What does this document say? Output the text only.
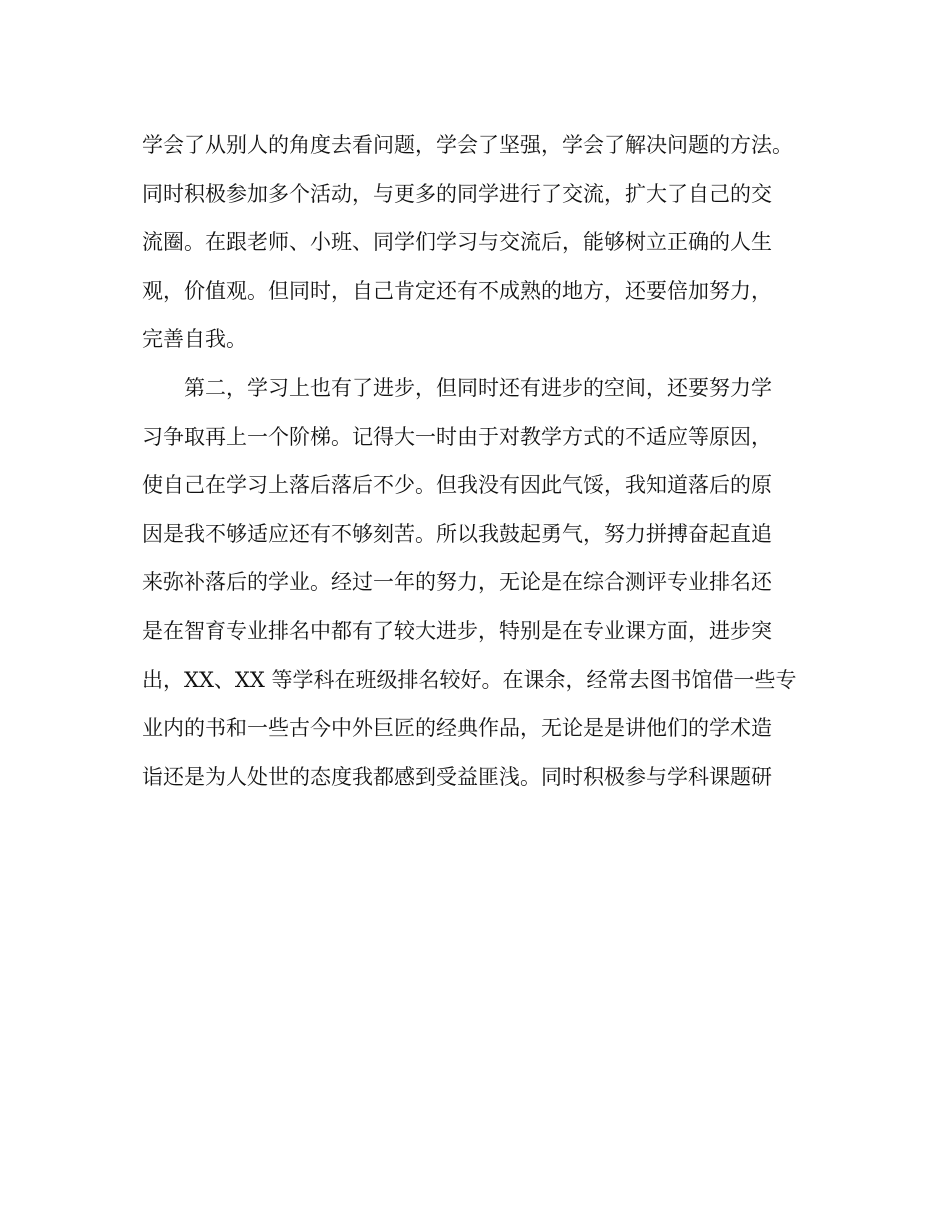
学会了从别人的角度去看问题，学会了坚强，学会了解决问题的方法。

同时积极参加多个活动，与更多的同学进行了交流，扩大了自己的交

流圈。在跟老师、小班、同学们学习与交流后，能够树立正确的人生

观，价值观。但同时，自己肯定还有不成熟的地方，还要倍加努力，

完善自我。

第二，学习上也有了进步，但同时还有进步的空间，还要努力学

习争取再上一个阶梯。记得大一时由于对教学方式的不适应等原因，

使自己在学习上落后落后不少。但我没有因此气馁，我知道落后的原

因是我不够适应还有不够刻苦。所以我鼓起勇气，努力拼搏奋起直追

来弥补落后的学业。经过一年的努力，无论是在综合测评专业排名还

是在智育专业排名中都有了较大进步，特别是在专业课方面，进步突

出，XX、XX 等学科在班级排名较好。在课余，经常去图书馆借一些专

业内的书和一些古今中外巨匠的经典作品，无论是是讲他们的学术造

诣还是为人处世的态度我都感到受益匪浅。同时积极参与学科课题研
